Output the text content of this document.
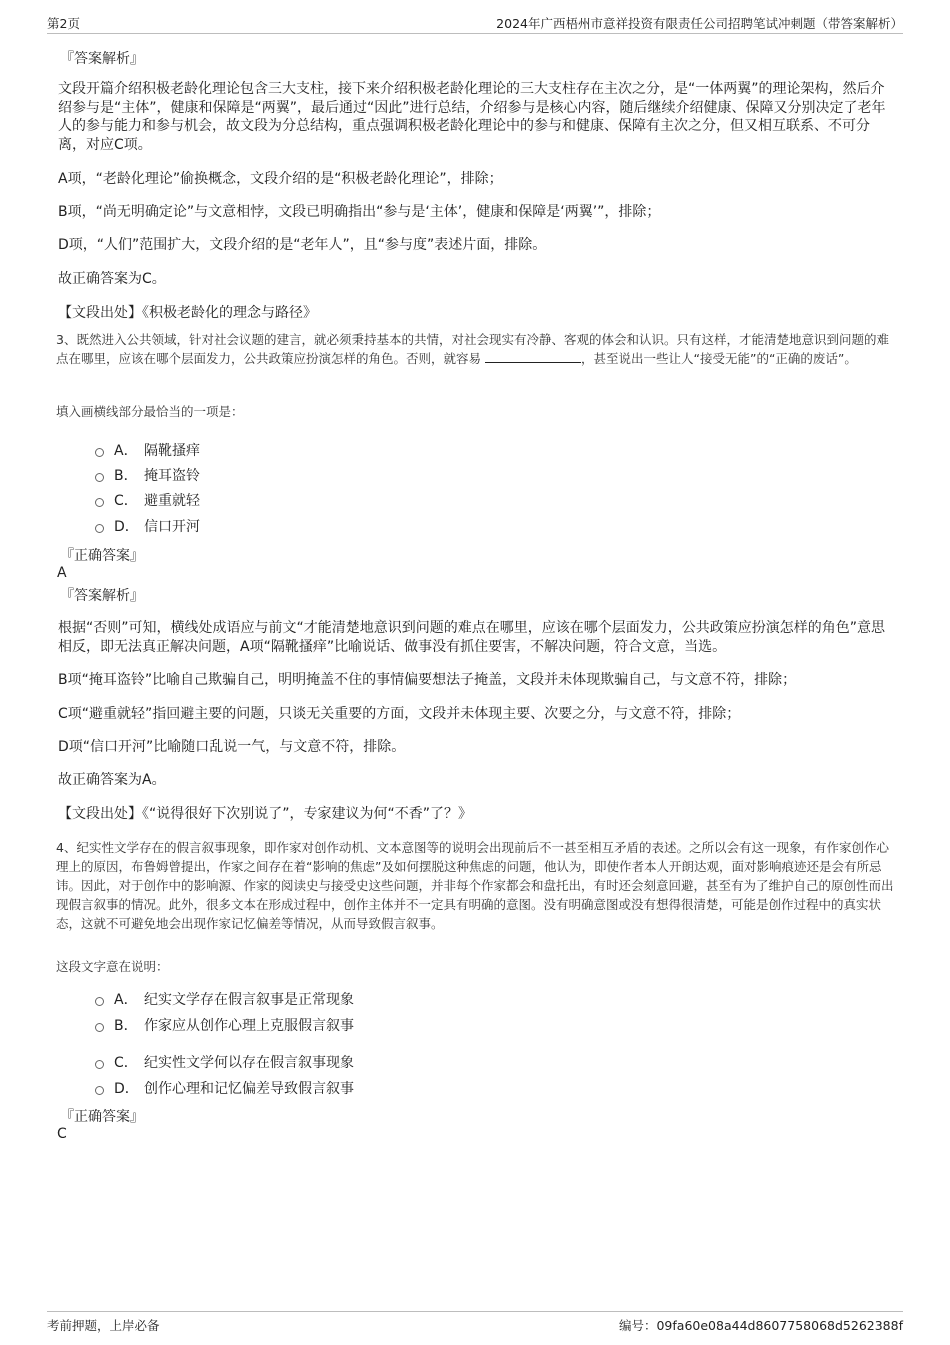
第2页	2024年广西梧州市意祥投资有限责任公司招聘笔试冲刺题（带答案解析）
『答案解析』
文段开篇介绍积极老龄化理论包含三大支柱，接下来介绍积极老龄化理论的三大支柱存在主次之分，是“一体两翼”的理论架构，然后介绍参与是“主体”，健康和保障是“两翼”，最后通过“因此”进行总结，介绍参与是核心内容，随后继续介绍健康、保障又分别决定了老年人的参与能力和参与机会，故文段为分总结构，重点强调积极老龄化理论中的参与和健康、保障有主次之分，但又相互联系、不可分离，对应C项。
A项，“老龄化理论”偷换概念，文段介绍的是“积极老龄化理论”，排除；
B项，“尚无明确定论”与文意相悖，文段已明确指出“参与是‘主体’，健康和保障是‘两翼’”，排除；
D项，“人们”范围扩大，文段介绍的是“老年人”，且“参与度”表述片面，排除。
故正确答案为C。
【文段出处】《积极老龄化的理念与路径》
3、既然进入公共领域，针对社会议题的建言，就必须秉持基本的共情，对社会现实有冷静、客观的体会和认识。只有这样，才能清楚地意识到问题的难点在哪里，应该在哪个层面发力，公共政策应扮演怎样的角色。否则，就容易	，甚至说出一些让人“接受无能”的“正确的废话”。
填入画横线部分最恰当的一项是：
A． 隔靴搔痒
B． 掩耳盗铃
C． 避重就轻
D． 信口开河
『正确答案』
A
『答案解析』
根据“否则”可知，横线处成语应与前文“才能清楚地意识到问题的难点在哪里，应该在哪个层面发力，公共政策应扮演怎样的角色”意思相反，即无法真正解决问题，A项“隔靴搔痒”比喻说话、做事没有抓住要害，不解决问题，符合文意，当选。
B项“掩耳盗铃”比喻自己欺骗自己，明明掩盖不住的事情偏要想法子掩盖，文段并未体现欺骗自己，与文意不符，排除；
C项“避重就轻”指回避主要的问题，只谈无关重要的方面，文段并未体现主要、次要之分，与文意不符，排除；
D项“信口开河”比喻随口乱说一气，与文意不符，排除。
故正确答案为A。
【文段出处】《“说得很好下次别说了”，专家建议为何“不香”了？》
4、纪实性文学存在的假言叙事现象，即作家对创作动机、文本意图等的说明会出现前后不一甚至相互矛盾的表述。之所以会有这一现象，有作家创作心理上的原因，布鲁姆曾提出，作家之间存在着“影响的焦虑”及如何摆脱这种焦虑的问题，他认为，即使作者本人开朗达观，面对影响痕迹还是会有所忌讳。因此，对于创作中的影响源、作家的阅读史与接受史这些问题，并非每个作家都会和盘托出，有时还会刻意回避，甚至有为了维护自己的原创性而出现假言叙事的情况。此外，很多文本在形成过程中，创作主体并不一定具有明确的意图。没有明确意图或没有想得很清楚，可能是创作过程中的真实状态，这就不可避免地会出现作家记忆偏差等情况，从而导致假言叙事。
这段文字意在说明：
A． 纪实文学存在假言叙事是正常现象
B． 作家应从创作心理上克服假言叙事
C． 纪实性文学何以存在假言叙事现象
D． 创作心理和记忆偏差导致假言叙事
『正确答案』
C
考前押题，上岸必备	编号：09fa60e08a44d8607758068d5262388f
